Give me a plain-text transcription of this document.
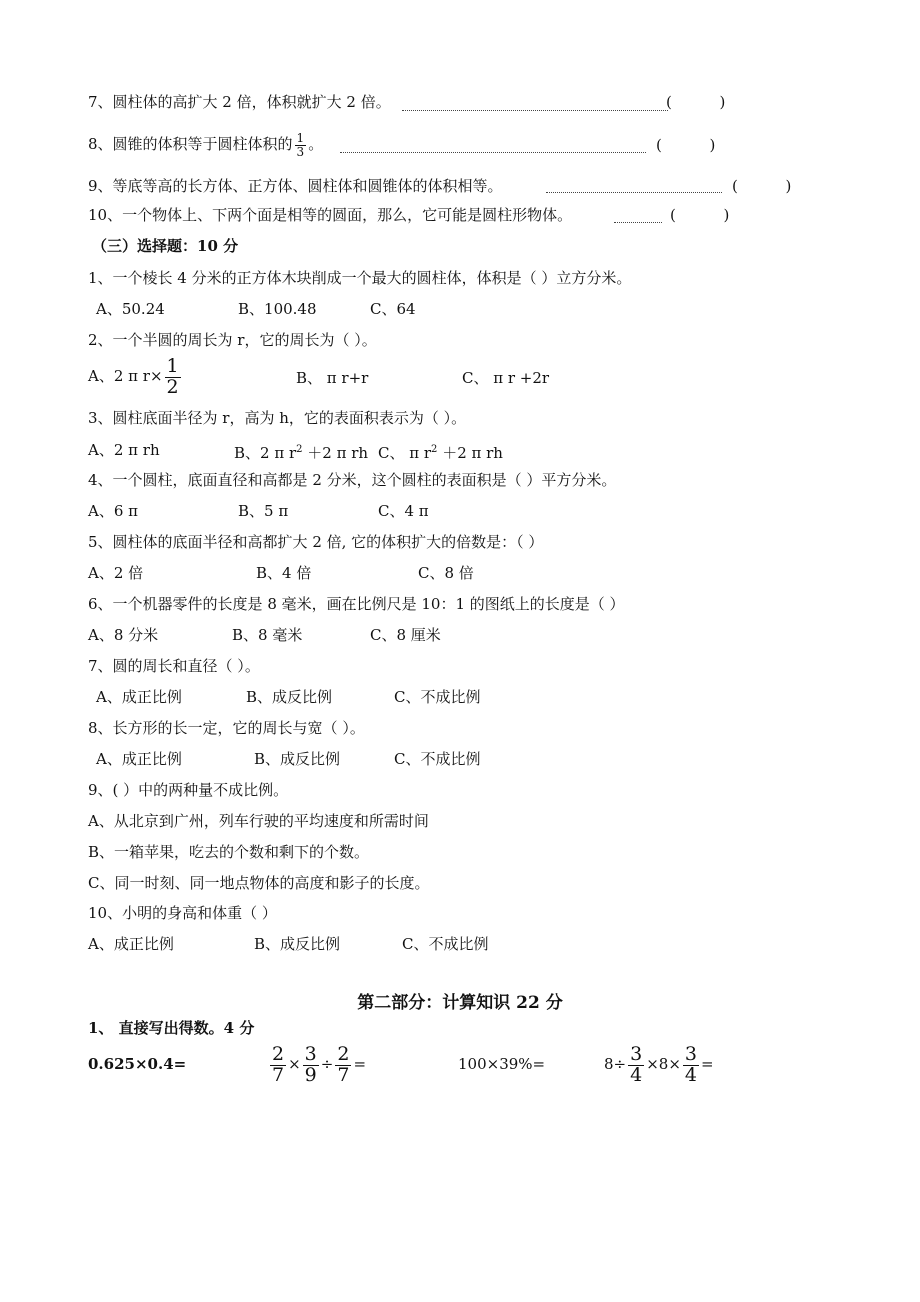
7、圆柱体的高扩大 2 倍，体积就扩大 2 倍。	(          )
8、圆锥的体积等于圆柱体积的 $\frac{1}{3}$ 。	(          )
9、等底等高的长方体、正方体、圆柱体和圆锥体的体积相等。	(          )
10、一个物体上、下两个面是相等的圆面，那么，它可能是圆柱形物体。	(          )
（三）选择题：10 分
1、一个棱长 4 分米的正方体木块削成一个最大的圆柱体，体积是（ ）立方分米。
A、50.24	B、100.48	C、64
2、一个半圆的周长为 r，它的周长为（ ）。
A、2 π $r\times \frac{1}{2}$	B、 π r+r	C、 π r +2r
3、圆柱底面半径为 r，高为 h，它的表面积表示为（ ）。
A、2 π rh	B、2 π $r^2 +2$ π rh C、 π $r^2 +2$ π rh
4、一个圆柱，底面直径和高都是 2 分米，这个圆柱的表面积是（ ）平方分米。
A、6 π	B、5 π	C、4 π
5、圆柱体的底面半径和高都扩大 2 倍, 它的体积扩大的倍数是：（ ）
A、2 倍	B、4 倍	C、8 倍
6、一个机器零件的长度是 8 毫米，画在比例尺是 10：1 的图纸上的长度是（ ）
A、8 分米	B、8 毫米	C、8 厘米
7、圆的周长和直径（ ）。
A、成正比例	B、成反比例	C、不成比例
8、长方形的长一定，它的周长与宽（ ）。
A、成正比例	B、成反比例	C、不成比例
9、( ）中的两种量不成比例。
A、从北京到广州，列车行驶的平均速度和所需时间
B、一箱苹果，吃去的个数和剩下的个数。
C、同一时刻、同一地点物体的高度和影子的长度。
10、小明的身高和体重（ ）
A、成正比例	B、成反比例	C、不成比例
第二部分：计算知识 22 分
1、 直接写出得数。4 分
0.625×0.4=	$\frac{2}{7} \times \frac{3}{9} \div \frac{2}{7}$ =	100×39%=	$8\div \frac{3}{4} \times 8\times \frac{3}{4}$ =
